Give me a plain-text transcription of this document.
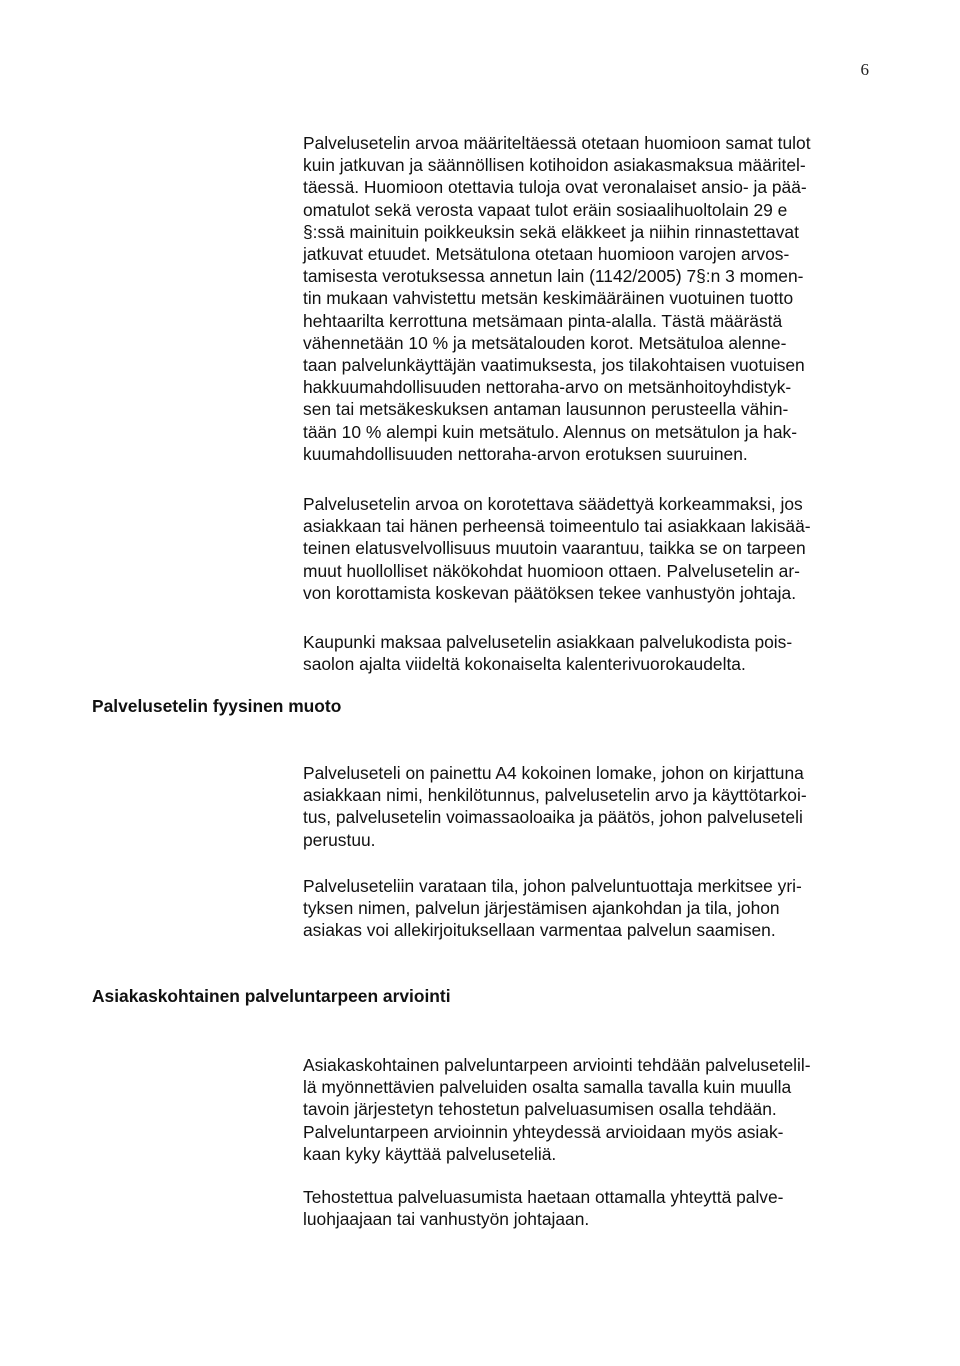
6
Palvelusetelin arvoa määriteltäessä otetaan huomioon samat tulot
kuin jatkuvan ja säännöllisen kotihoidon asiakasmaksua määritel-
täessä. Huomioon otettavia tuloja ovat veronalaiset ansio- ja pää-
omatulot sekä verosta vapaat tulot eräin sosiaalihuoltolain 29 e
§:ssä mainituin poikkeuksin sekä eläkkeet ja niihin rinnastettavat
jatkuvat etuudet. Metsätulona otetaan huomioon varojen arvos-
tamisesta verotuksessa annetun lain (1142/2005) 7§:n 3 momen-
tin mukaan vahvistettu metsän keskimääräinen vuotuinen tuotto
hehtaarilta kerrottuna metsämaan pinta-alalla. Tästä määrästä
vähennetään 10 % ja metsätalouden korot. Metsätuloa alenne-
taan palvelunkäyttäjän vaatimuksesta, jos tilakohtaisen vuotuisen
hakkuumahdollisuuden nettoraha-arvo on metsänhoitoyhdistyk-
sen tai metsäkeskuksen antaman lausunnon perusteella vähin-
tään 10 % alempi kuin metsätulo. Alennus on metsätulon ja hak-
kuumahdollisuuden nettoraha-arvon erotuksen suuruinen.
Palvelusetelin arvoa on korotettava säädettyä korkeammaksi, jos
asiakkaan tai hänen perheensä toimeentulo tai asiakkaan lakisää-
teinen elatusvelvollisuus muutoin vaarantuu, taikka se on tarpeen
muut huollolliset näkökohdat huomioon ottaen. Palvelusetelin ar-
von korottamista koskevan päätöksen tekee vanhustyön johtaja.
Kaupunki maksaa palvelusetelin asiakkaan palvelukodista pois-
saolon ajalta viideltä kokonaiselta kalenterivuorokaudelta.
Palvelusetelin fyysinen muoto
Palveluseteli on painettu A4 kokoinen lomake, johon on kirjattuna
asiakkaan nimi, henkilötunnus, palvelusetelin arvo ja käyttötarkoi-
tus, palvelusetelin voimassaoloaika ja päätös, johon palveluseteli
perustuu.
Palveluseteliin varataan tila, johon palveluntuottaja merkitsee yri-
tyksen nimen, palvelun järjestämisen ajankohdan ja tila, johon
asiakas voi allekirjoituksellaan varmentaa palvelun saamisen.
Asiakaskohtainen palveluntarpeen arviointi
Asiakaskohtainen palveluntarpeen arviointi tehdään palvelusetelil-
lä myönnettävien palveluiden osalta samalla tavalla kuin muulla
tavoin järjestetyn tehostetun palveluasumisen osalla tehdään.
Palveluntarpeen arvioinnin yhteydessä arvioidaan myös asiak-
kaan kyky käyttää palveluseteliä.
Tehostettua palveluasumista haetaan ottamalla yhteyttä palve-
luohjaajaan tai vanhustyön johtajaan.
